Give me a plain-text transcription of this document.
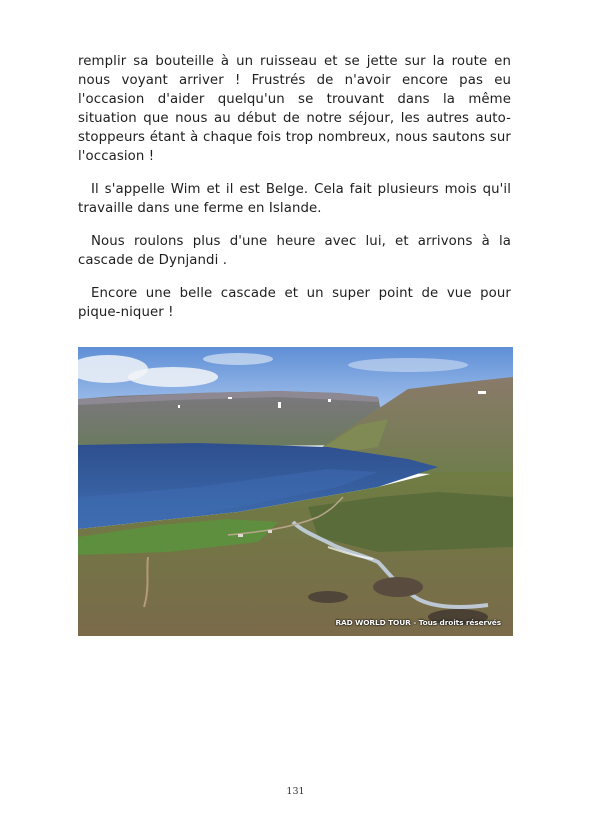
remplir sa bouteille à un ruisseau et se jette sur la route en nous voyant arriver ! Frustrés de n'avoir encore pas eu l'occasion d'aider quelqu'un se trouvant dans la même situation que nous au début de notre séjour, les autres auto-stoppeurs étant à chaque fois trop nombreux, nous sautons sur l'occasion !

Il s'appelle Wim et il est Belge. Cela fait plusieurs mois qu'il travaille dans une ferme en Islande.

Nous roulons plus d'une heure avec lui, et arrivons à la cascade de Dynjandi .

Encore une belle cascade et un super point de vue pour pique-niquer !

RAD WORLD TOUR - Tous droits réservés
131
